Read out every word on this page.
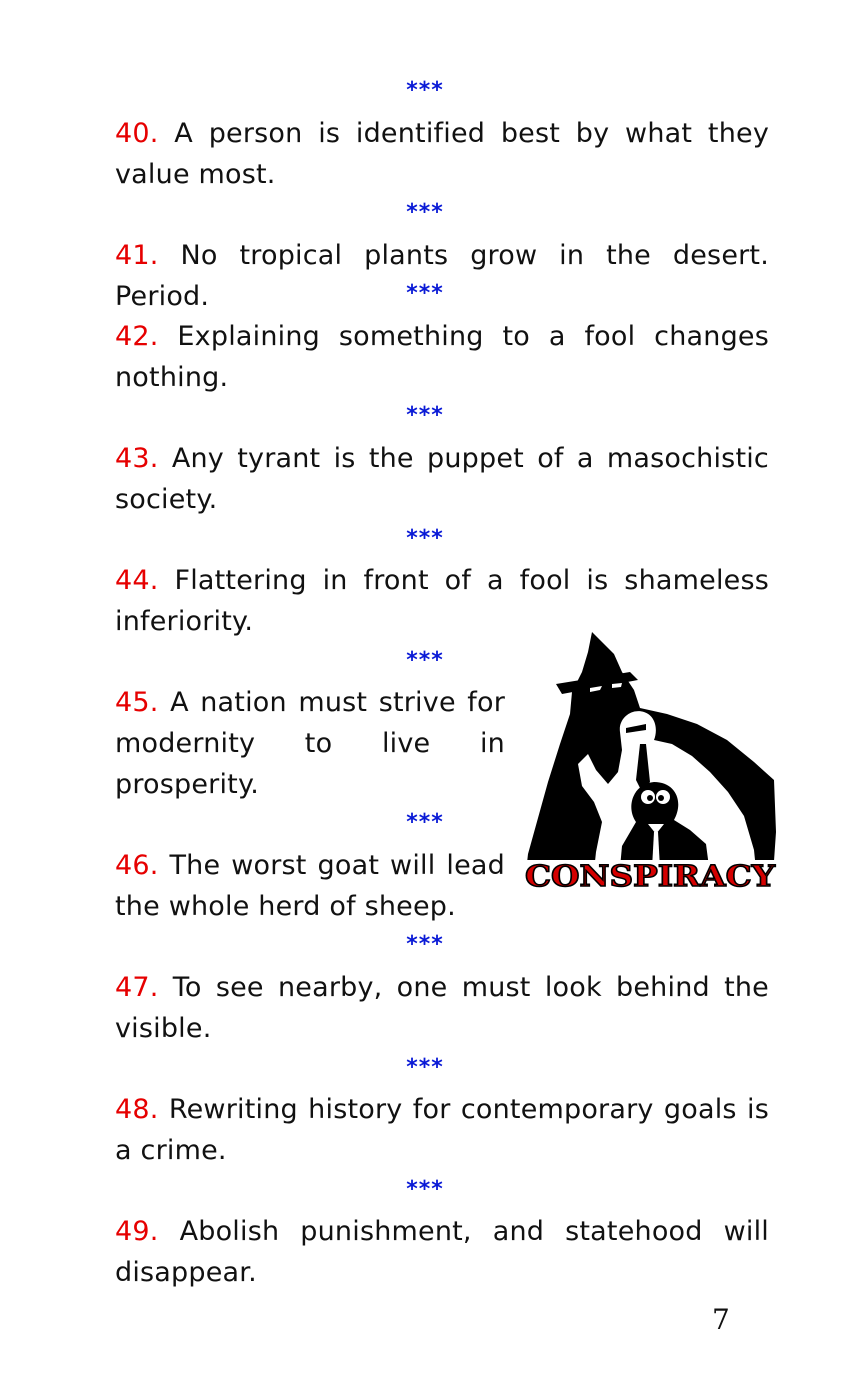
***
40. A person is identified best by what they value most.
***
41. No tropical plants grow in the desert. Period.	***
42. Explaining something to a fool changes nothing.
***
43. Any tyrant is the puppet of a masochistic society.
***
44. Flattering in front of a fool is shameless inferiority.
***
45. A nation must strive for modernity to live in prosperity.
***
46. The worst goat will lead the whole herd of sheep.
***
47. To see nearby, one must look behind the visible.
***
48. Rewriting history for contemporary goals is a crime.
***
49. Abolish punishment, and statehood will disappear.
CONSPIRACY
7
